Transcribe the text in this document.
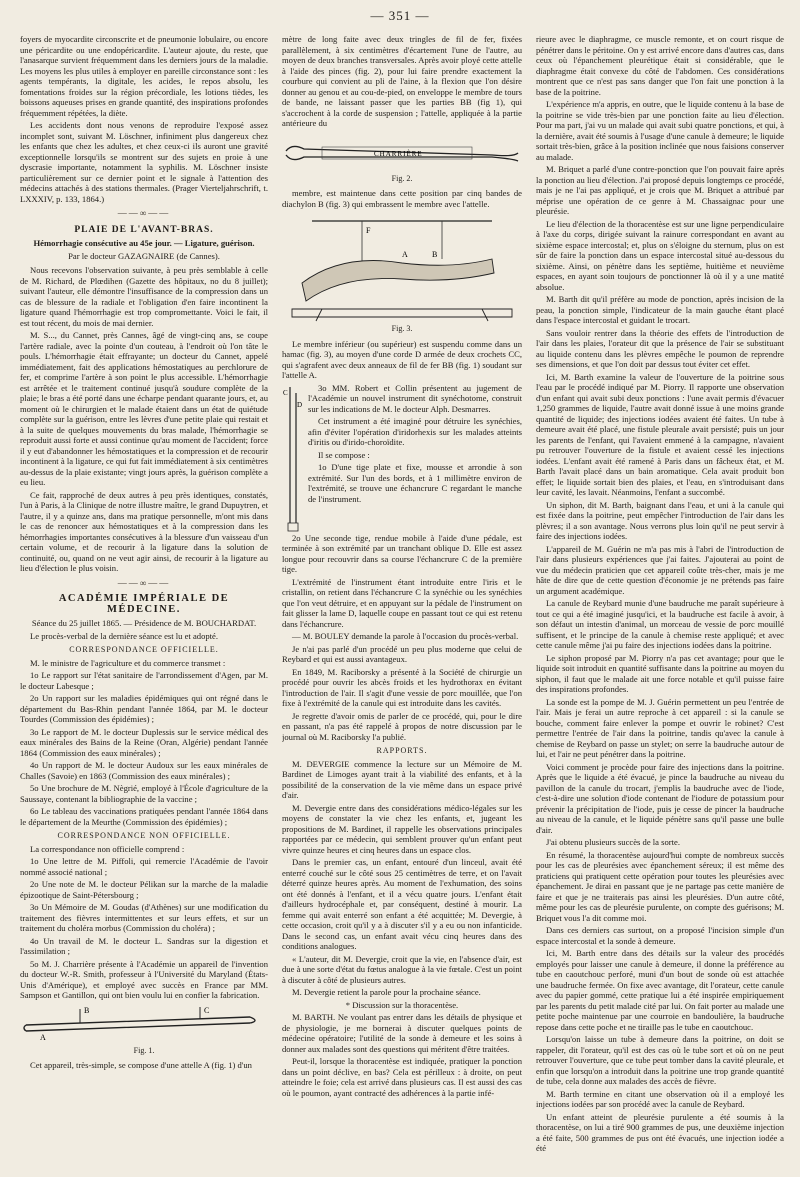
— 351 —

foyers de myocardite circonscrite et de pneumonie lobulaire, ou encore une péricardite ou une endopéricardite. L'auteur ajoute, du reste, que l'anasarque survient fréquemment dans les derniers jours de la maladie. Les moyens les plus utiles à employer en pareille circonstance sont : les agents tempérants, la digitale, les acides, le repos absolu, les fomentations froides sur la région précordiale, les lotions tièdes, les boissons aqueuses prises en grande quantité, des inspirations profondes fréquemment répétées, la diète.

Les accidents dont nous venons de reproduire l'exposé assez incomplet sont, suivant M. Löschner, infiniment plus dangereux chez les enfants que chez les adultes, et chez ceux-ci ils auront une gravité exceptionnelle lorsqu'ils se montrent sur des sujets en proie à une dyscrasie importante, notamment la syphilis. M. Löschner insiste particulièrement sur ce dernier point et le signale à l'attention des médecins attachés à des stations thermales. (Prager Vierteljahrschrift, t. LXXXIV, p. 133, 1864.)

——∞——
PLAIE DE L'AVANT-BRAS.
Hémorrhagie consécutive au 45e jour. — Ligature, guérison.
Par le docteur GAZAGNAIRE (de Cannes).

Nous recevons l'observation suivante, à peu près semblable à celle de M. Richard, de Plœdihen (Gazette des hôpitaux, no du 8 juillet); suivant l'auteur, elle démontre l'insuffisance de la compression dans un cas de blessure de la radiale et l'obligation d'en faire incontinent la ligature quand l'hémorrhagie est trop compromettante. Voici le fait, il est tout récent, du mois de mai dernier.

M. S..., du Cannet, près Cannes, âgé de vingt-cinq ans, se coupe l'artère radiale, avec la pointe d'un couteau, à l'endroit où l'on tâte le pouls. L'hémorrhagie était effrayante; un docteur du Cannet, appelé immédiatement, fait des applications hémostatiques au perchlorure de fer, et comprime l'artère à son point le plus accessible. L'hémorrhagie est arrêtée et le traitement continué jusqu'à soudure complète de la plaie; le bras a été porté dans une écharpe pendant quarante jours, et, au moment où le chirurgien et le malade étaient dans un état de quiétude complète sur la guérison, entre les lèvres d'une petite plaie qui restait et à la suite de quelques mouvements du bras malade, l'hémorrhagie se reproduit aussi forte et aussi continue qu'au moment de l'accident; force il y eut d'abandonner les hémostatiques et la compression et de recourir incontinent à la ligature, ce qui fut fait immédiatement à six centimètres au-dessus de la plaie existante; vingt jours après, la guérison complète a eu lieu.

Ce fait, rapproché de deux autres à peu près identiques, constatés, l'un à Paris, à la Clinique de notre illustre maître, le grand Dupuytren, et l'autre, il y a quinze ans, dans ma pratique personnelle, m'ont mis dans le cas de renoncer aux hémostatiques et à la compression dans les hémorrhagies importantes consécutives à la blessure d'un vaisseau d'un certain volume, et de recourir à la ligature dans la solution de continuité, ou, quand on ne veut agir ainsi, de recourir à la ligature au lieu d'élection le plus voisin.

——∞——
ACADÉMIE IMPÉRIALE DE MÉDECINE.
Séance du 25 juillet 1865. — Présidence de M. BOUCHARDAT.

Le procès-verbal de la dernière séance est lu et adopté.

CORRESPONDANCE OFFICIELLE.

M. le ministre de l'agriculture et du commerce transmet :

1o Le rapport sur l'état sanitaire de l'arrondissement d'Agen, par M. le docteur Labesque ;

2o Un rapport sur les maladies épidémiques qui ont régné dans le département du Bas-Rhin pendant l'année 1864, par M. le docteur Tourdes (Commission des épidémies) ;

3o Le rapport de M. le docteur Duplessis sur le service médical des eaux minérales des Bains de la Reine (Oran, Algérie) pendant l'année 1864 (Commission des eaux minérales) ;

4o Un rapport de M. le docteur Audoux sur les eaux minérales de Challes (Savoie) en 1863 (Commission des eaux minérales) ;

5o Une brochure de M. Nègrié, employé à l'École d'agriculture de la Saussaye, contenant la bibliographie de la vaccine ;

6o Le tableau des vaccinations pratiquées pendant l'année 1864 dans le département de la Meurthe (Commission des épidémies) ;

CORRESPONDANCE NON OFFICIELLE.

La correspondance non officielle comprend :

1o Une lettre de M. Piffoli, qui remercie l'Académie de l'avoir nommé associé national ;

2o Une note de M. le docteur Pélikan sur la marche de la maladie épizootique de Saint-Pétersbourg ;

3o Un Mémoire de M. Goudas (d'Athènes) sur une modification du traitement des fièvres intermittentes et sur leurs effets, et sur un traitement du choléra morbus (Commission du choléra) ;

4o Un travail de M. le docteur L. Sandras sur la digestion et l'assimilation ;

5o M. J. Charrière présente à l'Académie un appareil de l'invention du docteur W.-R. Smith, professeur à l'Université du Maryland (États-Unis d'Amérique), et employé avec succès en France par MM. Sampson et Gantillon, qui ont bien voulu lui en confier la fabrication.

A
B	C
Fig. 1.

Cet appareil, très-simple, se compose d'une attelle A (fig. 1) d'un

mètre de long faite avec deux tringles de fil de fer, fixées parallèlement, à six centimètres d'écartement l'une de l'autre, au moyen de deux branches transversales. Après avoir ployé cette attelle à l'aide des pinces (fig. 2), pour lui faire prendre exactement la courbure qui convient au pli de l'aine, à la flexion que l'on désire donner au genou et au cou-de-pied, on enveloppe le membre de tours de bande, ne laissant passer que les parties BB (fig 1), qui s'accrochent à la corde de suspension ; l'attelle, appliquée à la partie antérieure du

CHARRIÈRE
Fig. 2.

membre, est maintenue dans cette position par cinq bandes de diachylon B (fig. 3) qui embrassent le membre avec l'attelle.

F
A	B
Fig. 3.

Le membre inférieur (ou supérieur) est suspendu comme dans un hamac (fig. 3), au moyen d'une corde D armée de deux crochets CC, qui s'agrafent avec deux anneaux de fil de fer BB (fig. 1) soudant sur l'attelle A.

C
D

3o MM. Robert et Collin présentent au jugement de l'Académie un nouvel instrument dit synéchotome, construit sur les indications de M. le docteur Alph. Desmarres.

Cet instrument a été imaginé pour détruire les synéchies, afin d'éviter l'opération d'iridorhexis sur les malades atteints d'iritis ou d'irido-choroïdite.

Il se compose :

1o D'une tige plate et fixe, mousse et arrondie à son extrémité. Sur l'un des bords, et à 1 millimètre environ de l'extrémité, se trouve une échancrure C regardant le manche de l'instrument.

2o Une seconde tige, rendue mobile à l'aide d'une pédale, est terminée à son extrémité par un tranchant oblique D. Elle est assez longue pour recouvrir dans sa course l'échancrure C de la première tige.

L'extrémité de l'instrument étant introduite entre l'iris et le cristallin, on retient dans l'échancrure C la synéchie ou les synéchies que l'on veut détruire, et en appuyant sur la pédale de l'instrument on fait glisser la lame D, laquelle coupe en passant tout ce qui est retenu dans l'échancrure.

— M. BOULEY demande la parole à l'occasion du procès-verbal.

Je n'ai pas parlé d'un procédé un peu plus moderne que celui de Reybard et qui est aussi avantageux.

En 1849, M. Raciborsky a présenté à la Société de chirurgie un procédé pour ouvrir les abcès froids et les hydrothorax en évitant l'introduction de l'air. Il s'agit d'une vessie de porc mouillée, que l'on fixe à l'extrémité de la canule qui est introduite dans les cavités.

Je regrette d'avoir omis de parler de ce procédé, qui, pour le dire en passant, n'a pas été rappelé à propos de notre discussion par le journal où M. Raciborsky l'a publié.

RAPPORTS.

M. DEVERGIE commence la lecture sur un Mémoire de M. Bardinet de Limoges ayant trait à la viabilité des enfants, et à la possibilité de la conservation de la vie même dans un espace privé d'air.

M. Devergie entre dans des considérations médico-légales sur les moyens de constater la vie chez les enfants, et, jugeant les propositions de M. Bardinet, il rappelle les observations principales rapportées par ce médecin, qui semblent prouver qu'un enfant peut vivre quinze heures et cinq heures dans un espace clos.

Dans le premier cas, un enfant, entouré d'un linceul, avait été enterré couché sur le côté sous 25 centimètres de terre, et on l'avait déterré quinze heures après. Au moment de l'exhumation, des soins ont été donnés à l'enfant, et il a vécu quatre jours. L'enfant était d'ailleurs hydrocéphale et, par conséquent, destiné à mourir. La femme qui avait enterré son enfant a été acquittée; M. Devergie, à cette occasion, croit qu'il y a à discuter s'il y a eu ou non infanticide. Dans le second cas, un enfant avait vécu cinq heures dans des conditions analogues.

« L'auteur, dit M. Devergie, croit que la vie, en l'absence d'air, est due à une sorte d'état du fœtus analogue à la vie fœtale. C'est un point à discuter à côté de plusieurs autres.

M. Devergie retient la parole pour la prochaine séance.

* Discussion sur la thoracentèse.

M. BARTH. Ne voulant pas entrer dans les détails de physique et de physiologie, je me bornerai à discuter quelques points de médecine opératoire; l'utilité de la sonde à demeure et les soins à donner aux malades sont des questions qui méritent d'être traitées.

Peut-il, lorsque la thoracentèse est indiquée, pratiquer la ponction dans un point déclive, en bas? Cela est périlleux : à droite, on peut atteindre le foie; cela est arrivé dans plusieurs cas. Il est aussi des cas où le poumon, ayant contracté des adhérences à la partie infé-

rieure avec le diaphragme, ce muscle remonte, et on court risque de pénétrer dans le péritoine. On y est arrivé encore dans d'autres cas, dans ceux où l'épanchement pleurétique était si considérable, que le diaphragme était convexe du côté de l'abdomen. Ces considérations montrent que ce n'est pas sans danger que l'on fait une ponction à la base de la poitrine.

L'expérience m'a appris, en outre, que le liquide contenu à la base de la poitrine se vide très-bien par une ponction faite au lieu d'élection. Pour ma part, j'ai vu un malade qui avait subi quatre ponctions, et qui, à la dernière, avait été soumis à l'usage d'une canule à demeure; le liquide sortait très-bien, grâce à la position inclinée que nous faisions conserver au malade.

M. Briquet a parlé d'une contre-ponction que l'on pouvait faire après la ponction au lieu d'élection. J'ai proposé depuis longtemps ce procédé, mais je ne l'ai pas appliqué, et je crois que M. Briquet a attribué par méprise une opération de ce genre à M. Chassaignac pour une pleurésie.

Le lieu d'élection de la thoracentèse est sur une ligne perpendiculaire à l'axe du corps, dirigée suivant la rainure correspondant en avant au sixième espace intercostal; et, plus on s'éloigne du sternum, plus on est sûr de faire la ponction dans un espace intercostal situé au-dessous du sixième. Ainsi, on pénètre dans les septième, huitième et neuvième espaces, en ayant soin toujours de ponctionner là où il y a une matité absolue.

M. Barth dit qu'il préfère au mode de ponction, après incision de la peau, la ponction simple, l'indicateur de la main gauche étant placé dans l'espace intercostal et guidant le trocart.

Sans vouloir rentrer dans la théorie des effets de l'introduction de l'air dans les plaies, l'orateur dit que la présence de l'air se substituant au liquide contenu dans les plèvres empêche le poumon de reprendre ses dimensions, et que l'on doit par dessus tout éviter cet effet.

Ici, M. Barth examine la valeur de l'ouverture de la poitrine sous l'eau par le procédé indiqué par M. Piorry. Il rapporte une observation d'un enfant qui avait subi deux ponctions : l'une avait permis d'évacuer 1,250 grammes de liquide, l'autre avait donné issue à une moins grande quantité de liquide; des injections iodées avaient été faites. Un tube à demeure avait été placé, une fistule pleurale avait persisté; puis un jour les parents de l'enfant, qui l'avaient emmené à la campagne, n'avaient pu retrouver l'ouverture de la fistule et avaient cessé les injections iodées. L'enfant avait été ramené à Paris dans un fâcheux état, et M. Barth l'avait placé dans un bain aromatique. Cela avait produit bon effet; le liquide sortait bien des plaies, et l'eau, en s'introduisant dans leur cavité, les lavait. Néanmoins, l'enfant a succombé.

Un siphon, dit M. Barth, baignant dans l'eau, et uni à la canule qui est fixée dans la poitrine, peut empêcher l'introduction de l'air dans les plèvres; il a son avantage. Nous verrons plus loin qu'il ne peut servir à faire des injections iodées.

L'appareil de M. Guérin ne m'a pas mis à l'abri de l'introduction de l'air dans plusieurs expériences que j'ai faites. J'ajouterai au point de vue du médecin praticien que cet appareil coûte très-cher, mais je me hâte de dire que de cette question d'économie je ne prétends pas faire un argument académique.

La canule de Reybard munie d'une baudruche me paraît supérieure à tout ce qui a été imaginé jusqu'ici, et la baudruche est facile à avoir, à son défaut un intestin d'animal, un morceau de vessie de porc mouillé suffisent, et le principe de la canule à chemise reste appliqué; et avec cette canule même j'ai pu faire des injections iodées dans la poitrine.

Le siphon proposé par M. Piorry n'a pas cet avantage; pour que le liquide soit introduit en quantité suffisante dans la poitrine au moyen du siphon, il faut que le malade ait une force notable et qu'il puisse faire des inspirations profondes.

La sonde est la pompe de M. J. Guérin permettent un peu l'entrée de l'air. Mais je ferai un autre reproche à cet appareil : si la canule se bouche, comment faire enlever la pompe et ouvrir le robinet? C'est permettre l'entrée de l'air dans la poitrine, tandis qu'avec la canule à chemise de Reybard on passe un stylet; on serre la baudruche autour de lui, et l'air ne peut pénétrer dans la poitrine.

Voici comment je procède pour faire des injections dans la poitrine. Après que le liquide a été évacué, je pince la baudruche au niveau du pavillon de la canule du trocart, j'emplis la baudruche avec de l'iode, c'est-à-dire une solution d'iode contenant de l'iodure de potassium pour prévenir la précipitation de l'iode, puis je cesse de pincer la baudruche au niveau de la canule, et le liquide pénètre sans qu'il passe une bulle d'air.

J'ai obtenu plusieurs succès de la sorte.

En résumé, la thoracentèse aujourd'hui compte de nombreux succès pour les cas de pleurésies avec épanchement séreux; il est même des praticiens qui pratiquent cette opération pour toutes les pleurésies avec épanchement. Je dirai en passant que je ne partage pas cette manière de faire et que je ne traiterais pas ainsi les pleurésies. D'un autre côté, même pour les cas de pleurésie purulente, on compte des guérisons; M. Briquet vous l'a dit comme moi.

Dans ces derniers cas surtout, on a proposé l'incision simple d'un espace intercostal et la sonde à demeure.

Ici, M. Barth entre dans des détails sur la valeur des procédés employés pour laisser une canule à demeure, il donne la préférence au tube en caoutchouc perforé, muni d'un bout de sonde où est attachée une baudruche fermée. On fixe avec avantage, dit l'orateur, cette canule avec du papier gommé, cette pratique lui a été inspirée empiriquement par les parents du petit malade cité par lui. On fait porter au malade une petite poche maintenue par une courroie en bandoulière, la baudruche repose dans cette poche et ne tiraille pas le tube en caoutchouc.

Lorsqu'on laisse un tube à demeure dans la poitrine, on doit se rappeler, dit l'orateur, qu'il est des cas où le tube sort et où on ne peut retrouver l'ouverture, que ce tube peut tomber dans la cavité pleurale, et enfin que lorsqu'on a introduit dans la poitrine une trop grande quantité de tube, cela donne aux malades des accès de fièvre.

M. Barth termine en citant une observation où il a employé les injections iodées par son procédé avec la canule de Reybard.

Un enfant atteint de pleurésie purulente a été soumis à la thoracentèse, on lui a tiré 900 grammes de pus, une deuxième injection a été faite, 500 grammes de pus ont été évacués, une injection iodée a été
